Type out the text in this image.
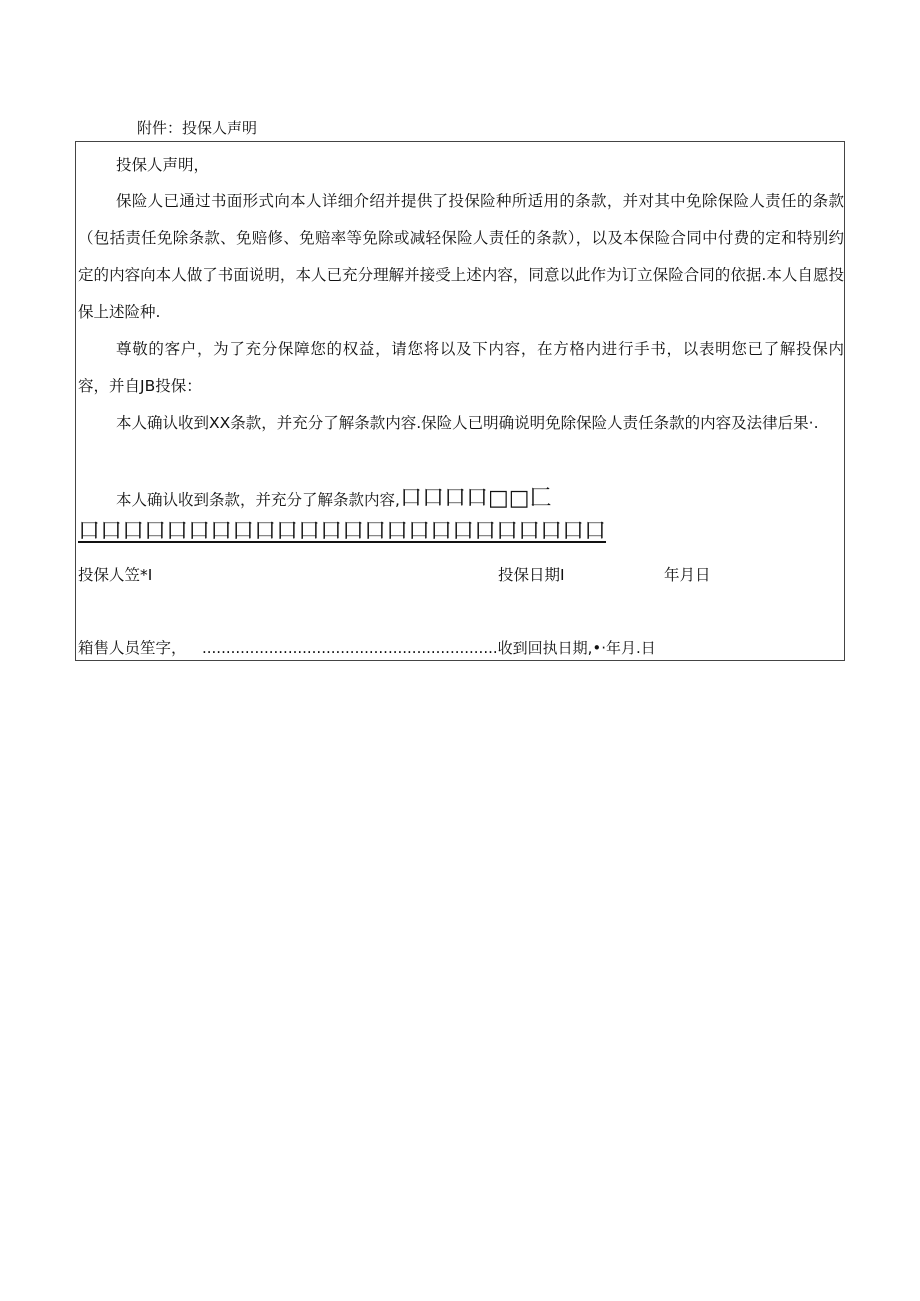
附件：投保人声明
投保人声明，
保险人已通过书面形式向本人详细介绍并提供了投保险种所适用的条款，并对其中免除保险人责任的条款（包括责任免除条款、免赔修、免赔率等免除或减轻保险人责任的条款），以及本保险合同中付费的定和特别约定的内容向本人做了书面说明，本人已充分理解并接受上述内容，同意以此作为订立保险合同的依据.本人自愿投保上述险种.
尊敬的客户，为了充分保障您的权益，请您将以及下内容，在方格内进行手书，以表明您已了解投保内容，并自JB投保：
本人确认收到XX条款，并充分了解条款内容.保险人已明确说明免除保险人责任条款的内容及法律后果·.
本人确认收到条款，并充分了解条款内容,口口口口□□匚
口口口口口口口口口口口口口口口口口口口口口口口口
投保人笠*I	投保日期I	年月日
箱售人员笙字， ..............................................................收到回执日期,•·年月.日
